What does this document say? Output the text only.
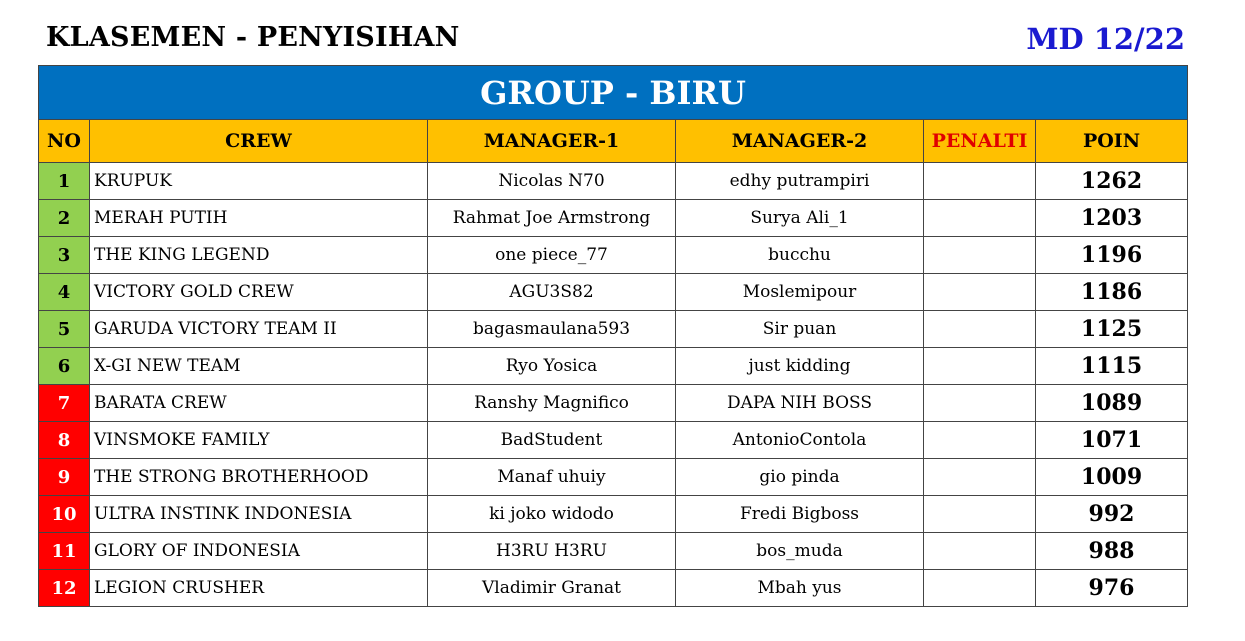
KLASEMEN - PENYISIHAN	MD 12/22
GROUP - BIRU					
NO	CREW	MANAGER-1	MANAGER-2	PENALTI	POIN
1	KRUPUK	Nicolas N70	edhy putrampiri		1262
2	MERAH PUTIH	Rahmat Joe Armstrong	Surya Ali_1		1203
3	THE KING LEGEND	one piece_77	bucchu		1196
4	VICTORY GOLD CREW	AGU3S82	Moslemipour		1186
5	GARUDA VICTORY TEAM II	bagasmaulana593	Sir puan		1125
6	X-GI NEW TEAM	Ryo Yosica	just kidding		1115
7	BARATA CREW	Ranshy Magnifico	DAPA NIH BOSS		1089
8	VINSMOKE FAMILY	BadStudent	AntonioContola		1071
9	THE STRONG BROTHERHOOD	Manaf uhuiy	gio pinda		1009
10	ULTRA INSTINK INDONESIA	ki joko widodo	Fredi Bigboss		992
11	GLORY OF INDONESIA	H3RU H3RU	bos_muda		988
12	LEGION CRUSHER	Vladimir Granat	Mbah yus		976
